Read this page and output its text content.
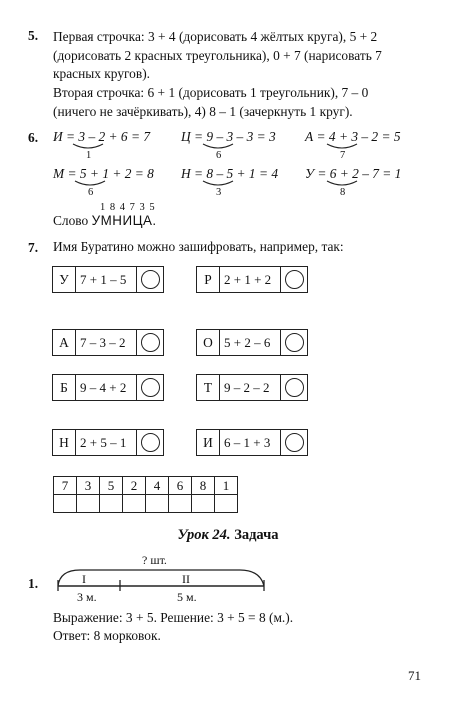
5. Первая строчка: 3 + 4 (дорисовать 4 жёлтых круга), 5 + 2
(дорисовать 2 красных треугольника), 0 + 7 (нарисовать 7
красных кругов).
Вторая строчка: 6 + 1 (дорисовать 1 треугольник), 7 – 0
(ничего не зачёркивать), 4) 8 – 1 (зачеркнуть 1 круг).
6. И = 3 – 2 + 6 = 7
1
Ц = 9 – 3 – 3 = 3
6
А = 4 + 3 – 2 = 5
7
М = 5 + 1 + 2 = 8
6
Н = 8 – 5 + 1 = 4
3
У = 6 + 2 – 7 = 1
8
1 8 4 7 3 5
Слово УМНИЦА.
7. Имя Буратино можно зашифровать, например, так:
У 7 + 1 – 5	Р 2 + 1 + 2
А 7 – 3 – 2	О 5 + 2 – 6
Б 9 – 4 + 2	Т 9 – 2 – 2
Н 2 + 5 – 1	И 6 – 1 + 3
7	3	5	2	4	6	8	1

Урок 24. Задача
1.
? шт.
I	II
3 м.	5 м.
Выражение: 3 + 5. Решение: 3 + 5 = 8 (м.).
Ответ: 8 морковок.
71
